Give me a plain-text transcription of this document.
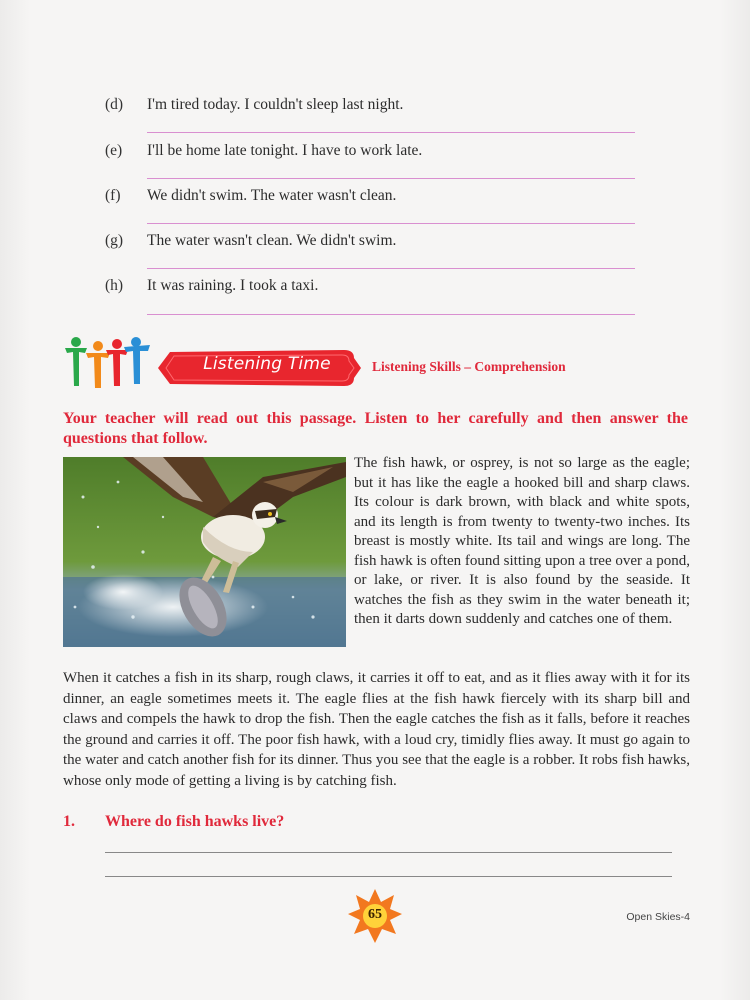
(d) I'm tired today. I couldn't sleep last night.
(e) I'll be home late tonight. I have to work late.
(f) We didn't swim. The water wasn't clean.
(g) The water wasn't clean. We didn't swim.
(h) It was raining. I took a taxi.
Listening Time	Listening Skills – Comprehension
Your teacher will read out this passage. Listen to her carefully and then answer the questions that follow.

The fish hawk, or osprey, is not so large as the eagle; but it has like the eagle a hooked bill and sharp claws. Its colour is dark brown, with black and white spots, and its length is from twenty to twenty-two inches. Its breast is mostly white. Its tail and wings are long. The fish hawk is often found sitting upon a tree over a pond, or lake, or river. It is also found by the seaside. It watches the fish as they swim in the water beneath it; then it darts down suddenly and catches one of them.

When it catches a fish in its sharp, rough claws, it carries it off to eat, and as it flies away with it for its dinner, an eagle sometimes meets it. The eagle flies at the fish hawk fiercely with its sharp bill and claws and compels the hawk to drop the fish. Then the eagle catches the fish as it falls, before it reaches the ground and carries it off. The poor fish hawk, with a loud cry, timidly flies away. It must go again to the water and catch another fish for its dinner. Thus you see that the eagle is a robber. It robs fish hawks, whose only mode of getting a living is by catching fish.

1. Where do fish hawks live?
65	Open Skies-4
